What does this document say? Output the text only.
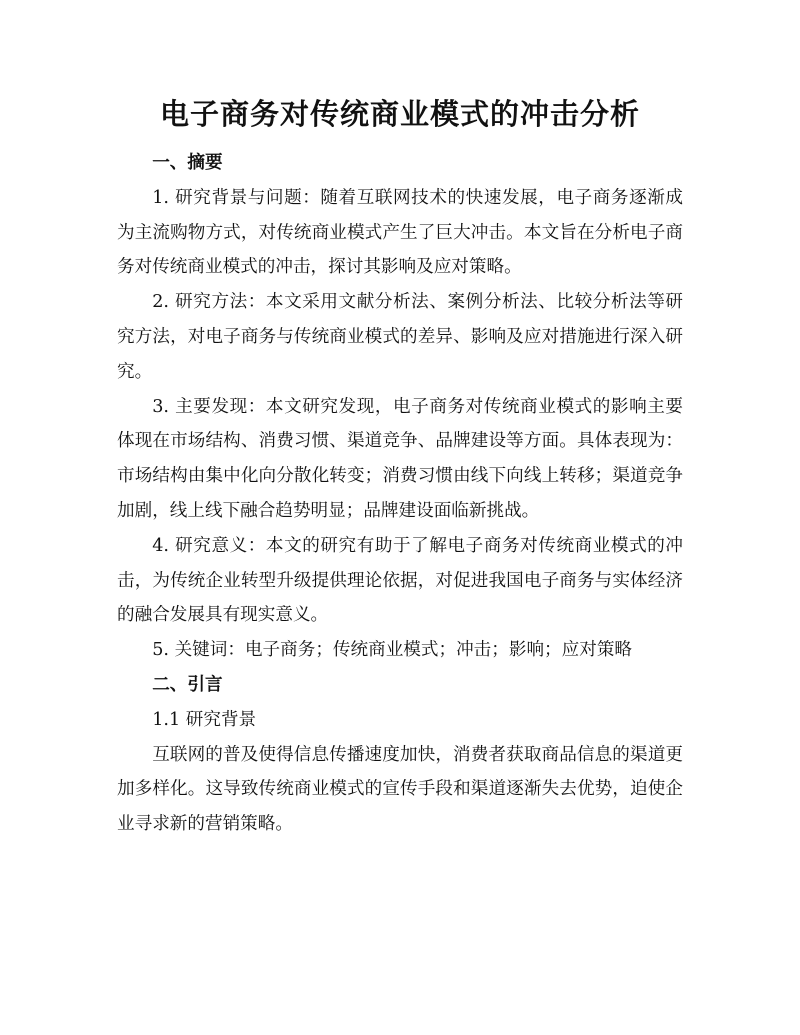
电子商务对传统商业模式的冲击分析
一、摘要

1. 研究背景与问题：随着互联网技术的快速发展，电子商务逐渐成为主流购物方式，对传统商业模式产生了巨大冲击。本文旨在分析电子商务对传统商业模式的冲击，探讨其影响及应对策略。

2. 研究方法：本文采用文献分析法、案例分析法、比较分析法等研究方法，对电子商务与传统商业模式的差异、影响及应对措施进行深入研究。

3. 主要发现：本文研究发现，电子商务对传统商业模式的影响主要体现在市场结构、消费习惯、渠道竞争、品牌建设等方面。具体表现为：市场结构由集中化向分散化转变；消费习惯由线下向线上转移；渠道竞争加剧，线上线下融合趋势明显；品牌建设面临新挑战。

4. 研究意义：本文的研究有助于了解电子商务对传统商业模式的冲击，为传统企业转型升级提供理论依据，对促进我国电子商务与实体经济的融合发展具有现实意义。

5. 关键词：电子商务；传统商业模式；冲击；影响；应对策略

二、引言
1.1 研究背景

互联网的普及使得信息传播速度加快，消费者获取商品信息的渠道更加多样化。这导致传统商业模式的宣传手段和渠道逐渐失去优势，迫使企业寻求新的营销策略。
